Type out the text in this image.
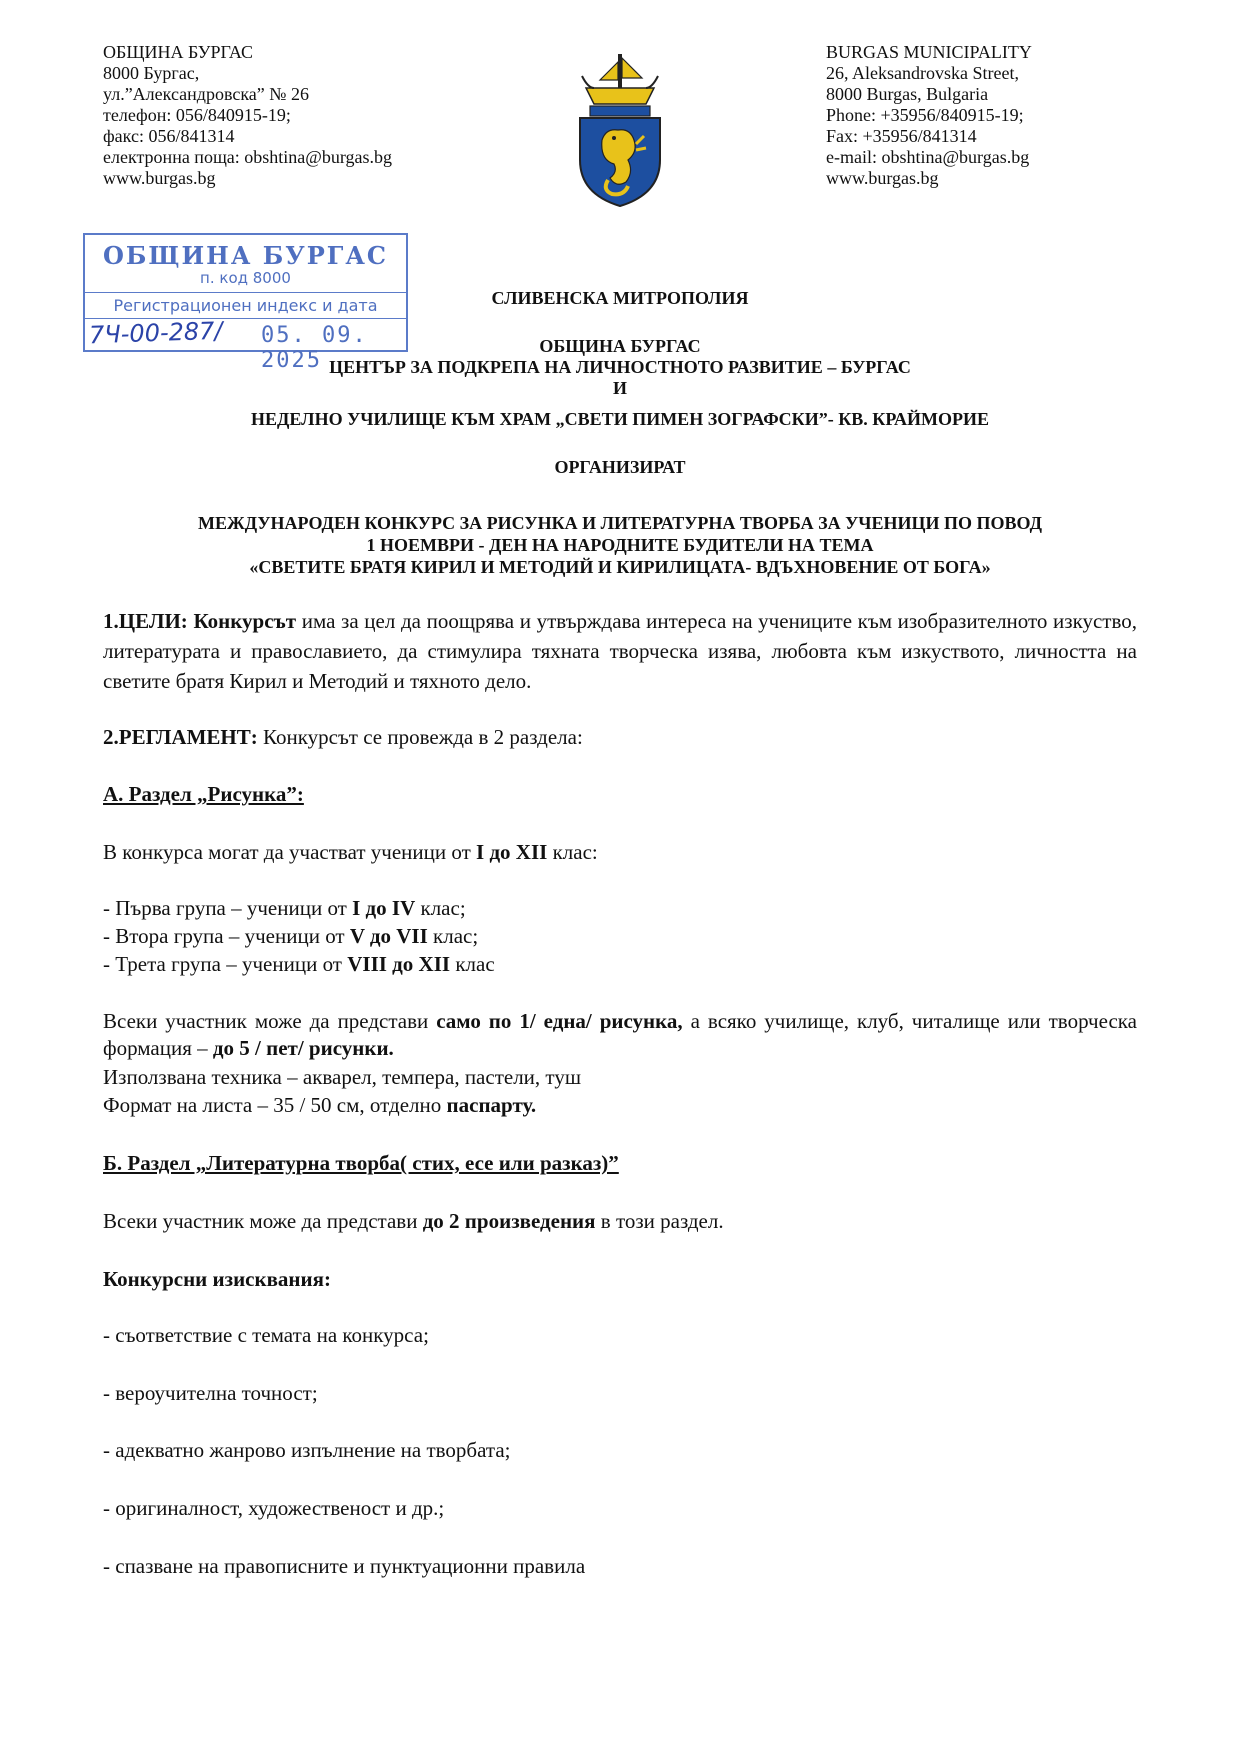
ОБЩИНА БУРГАС
8000 Бургас,
ул.”Александровска” № 26
телефон: 056/840915-19;
факс: 056/841314
електронна поща: obshtina@burgas.bg
www.burgas.bg
BURGAS MUNICIPALITY
26, Aleksandrovska Street,
8000 Burgas, Bulgaria
Phone: +35956/840915-19;
Fax: +35956/841314
e-mail: obshtina@burgas.bg
www.burgas.bg
ОБЩИНА БУРГАС
п. код 8000
Регистрационен индекс и дата
7Ч-00-287/ 05. 09. 2025
СЛИВЕНСКА МИТРОПОЛИЯ
ОБЩИНА БУРГАС
ЦЕНТЪР ЗА ПОДКРЕПА НА ЛИЧНОСТНОТО РАЗВИТИЕ – БУРГАС
И
НЕДЕЛНО УЧИЛИЩЕ КЪМ ХРАМ „СВЕТИ ПИМЕН ЗОГРАФСКИ”- КВ. КРАЙМОРИЕ
ОРГАНИЗИРАТ
МЕЖДУНАРОДЕН КОНКУРС ЗА РИСУНКА И ЛИТЕРАТУРНА ТВОРБА ЗА УЧЕНИЦИ ПО ПОВОД
1 НОЕМВРИ - ДЕН НА НАРОДНИТЕ БУДИТЕЛИ НА ТЕМА
«СВЕТИТЕ БРАТЯ КИРИЛ И МЕТОДИЙ И КИРИЛИЦАТА- ВДЪХНОВЕНИЕ ОТ БОГА»
1.ЦЕЛИ: Конкурсът има за цел да поощрява и утвърждава интереса на учениците към изобразителното изкуство, литературата и православието, да стимулира тяхната творческа изява, любовта към изкуството, личността на светите братя Кирил и Методий и тяхното дело.
2.РЕГЛАМЕНТ: Конкурсът се провежда в 2 раздела:
А. Раздел „Рисунка”:
В конкурса могат да участват ученици от I до XII клас:
- Първа група – ученици от I до IV клас;
- Втора група – ученици от V до VII клас;
- Трета група – ученици от VIII до XII клас
Всеки участник може да представи само по 1/ една/ рисунка, а всяко училище, клуб, читалище или творческа формация – до 5 / пет/ рисунки.
Използвана техника – акварел, темпера, пастели, туш
Формат на листа – 35 / 50 см, отделно паспарту.
Б. Раздел „Литературна творба( стих, есе или разказ)”
Всеки участник може да представи до 2 произведения в този раздел.
Конкурсни изисквания:
- съответствие с темата на конкурса;
- вероучителна точност;
- адекватно жанрово изпълнение на творбата;
- оригиналност, художественост и др.;
- спазване на правописните и пунктуационни правила
